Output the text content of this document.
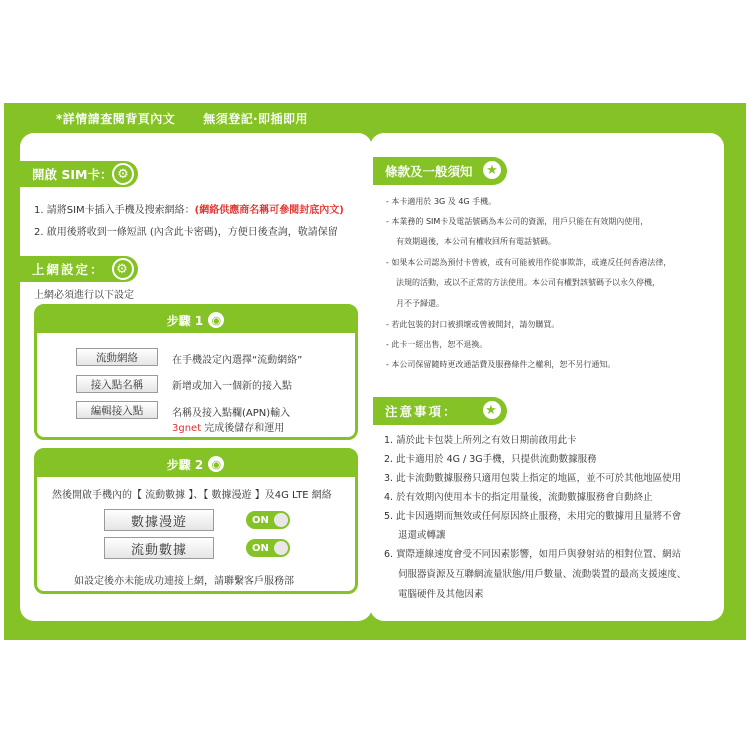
*詳情請查閱背頁內文 無須登記‧即插即用
開啟 SIM卡： ⚙
1. 請將SIM卡插入手機及搜索網絡：(網絡供應商名稱可參閱封底內文)
2. 啟用後將收到一條短訊 (內含此卡密碼)，方便日後查詢，敬請保留
上網設定： ⚙
上網必須進行以下設定
步驟 1 ◉
流動網絡	在手機設定內選擇“流動網絡”
接入點名稱	新增或加入一個新的接入點
編輯接入點	名稱及接入點欄(APN)輸入
3gnet 完成後儲存和運用
步驟 2 ◉
然後開啟手機內的【 流動數據 】、【 數據漫遊 】及4G LTE 網絡
數據漫遊	ON
流動數據	ON
如設定後亦未能成功連接上網，請聯繫客戶服務部
條款及一般須知	★
- 本卡適用於 3G 及 4G 手機。
- 本業務的 SIM卡及電話號碼為本公司的資源，用戶只能在有效期內使用，
有效期過後，本公司有權收回所有電話號碼。
- 如果本公司認為預付卡曾被，或有可能被用作從事欺詐，或違反任何香港法律，
法規的活動，或以不正常的方法使用。本公司有權對該號碼予以永久停機，
月不予歸還。
- 若此包裝的封口被損壞或曾被開封，請勿購買。
- 此卡一經出售，恕不退換。
- 本公司保留隨時更改通話費及服務條件之權利，恕不另行通知。
注意事項：	★
1. 請於此卡包裝上所列之有效日期前啟用此卡
2. 此卡適用於 4G / 3G手機，只提供流動數據服務
3. 此卡流動數據服務只適用包裝上指定的地區，並不可於其他地區使用
4. 於有效期內使用本卡的指定用量後，流動數據服務會自動終止
5. 此卡因過期而無效或任何原因終止服務，未用完的數據用且量將不會
退還或轉讓
6. 實際連線速度會受不同因素影響，如用戶與發射站的相對位置、網站
伺服器資源及互聯網流量狀態/用戶數量、流動裝置的最高支援速度、
電腦硬件及其他因素
